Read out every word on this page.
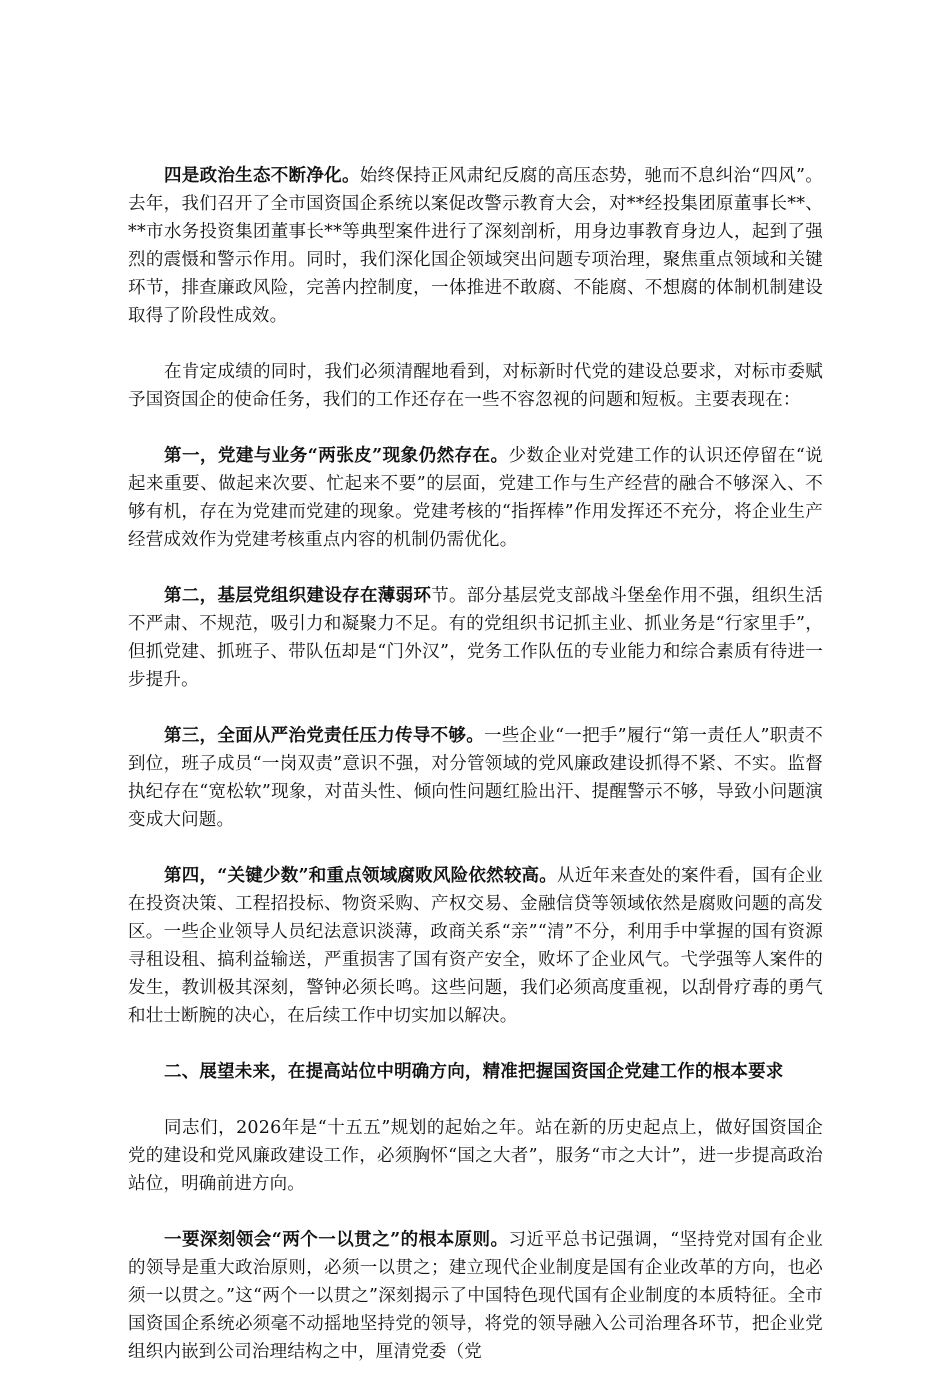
四是政治生态不断净化。始终保持正风肃纪反腐的高压态势，驰而不息纠治“四风”。去年，我们召开了全市国资国企系统以案促改警示教育大会，对**经投集团原董事长**、**市水务投资集团董事长**等典型案件进行了深刻剖析，用身边事教育身边人，起到了强烈的震慑和警示作用。同时，我们深化国企领域突出问题专项治理，聚焦重点领域和关键环节，排查廉政风险，完善内控制度，一体推进不敢腐、不能腐、不想腐的体制机制建设取得了阶段性成效。

在肯定成绩的同时，我们必须清醒地看到，对标新时代党的建设总要求，对标市委赋予国资国企的使命任务，我们的工作还存在一些不容忽视的问题和短板。主要表现在：

第一，党建与业务“两张皮”现象仍然存在。少数企业对党建工作的认识还停留在“说起来重要、做起来次要、忙起来不要”的层面，党建工作与生产经营的融合不够深入、不够有机，存在为党建而党建的现象。党建考核的“指挥棒”作用发挥还不充分，将企业生产经营成效作为党建考核重点内容的机制仍需优化。

第二，基层党组织建设存在薄弱环节。部分基层党支部战斗堡垒作用不强，组织生活不严肃、不规范，吸引力和凝聚力不足。有的党组织书记抓主业、抓业务是“行家里手”，但抓党建、抓班子、带队伍却是“门外汉”，党务工作队伍的专业能力和综合素质有待进一步提升。

第三，全面从严治党责任压力传导不够。一些企业“一把手”履行“第一责任人”职责不到位，班子成员“一岗双责”意识不强，对分管领域的党风廉政建设抓得不紧、不实。监督执纪存在“宽松软”现象，对苗头性、倾向性问题红脸出汗、提醒警示不够，导致小问题演变成大问题。

第四，“关键少数”和重点领域腐败风险依然较高。从近年来查处的案件看，国有企业在投资决策、工程招投标、物资采购、产权交易、金融信贷等领域依然是腐败问题的高发区。一些企业领导人员纪法意识淡薄，政商关系“亲”“清”不分，利用手中掌握的国有资源寻租设租、搞利益输送，严重损害了国有资产安全，败坏了企业风气。弋学强等人案件的发生，教训极其深刻，警钟必须长鸣。这些问题，我们必须高度重视，以刮骨疗毒的勇气和壮士断腕的决心，在后续工作中切实加以解决。

二、展望未来，在提高站位中明确方向，精准把握国资国企党建工作的根本要求

同志们，2026年是“十五五”规划的起始之年。站在新的历史起点上，做好国资国企党的建设和党风廉政建设工作，必须胸怀“国之大者”，服务“市之大计”，进一步提高政治站位，明确前进方向。

一要深刻领会“两个一以贯之”的根本原则。习近平总书记强调，“坚持党对国有企业的领导是重大政治原则，必须一以贯之；建立现代企业制度是国有企业改革的方向，也必须一以贯之。”这“两个一以贯之”深刻揭示了中国特色现代国有企业制度的本质特征。全市国资国企系统必须毫不动摇地坚持党的领导，将党的领导融入公司治理各环节，把企业党组织内嵌到公司治理结构之中，厘清党委（党
